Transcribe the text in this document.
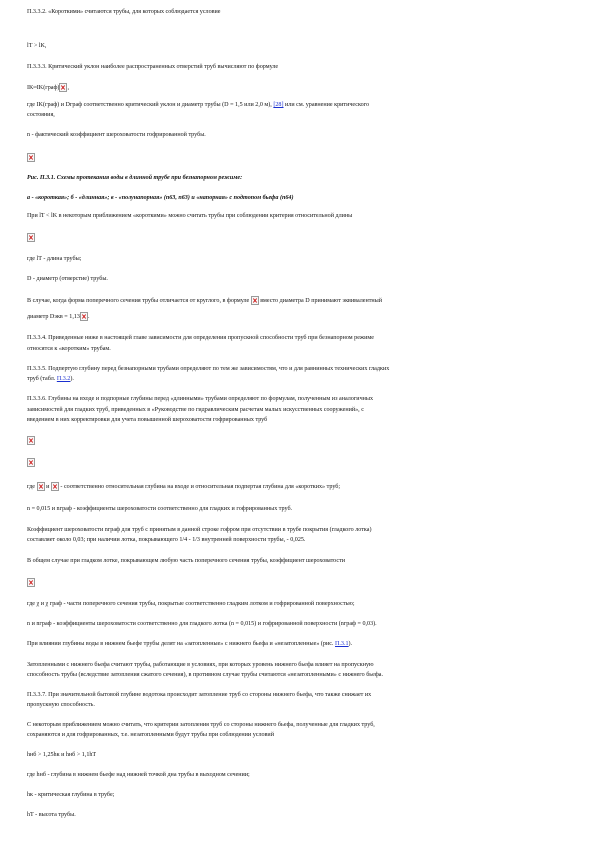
П.3.3.2. «Короткими» считаются трубы, для которых соблюдается условие
lT > lK,
П.3.3.3. Критический уклон наиболее распространенных отверстий труб вычисляют по формуле
IK≈IK(граф) ,
где IK(граф) и Dграф соответственно критический уклон и диаметр трубы (D = 1,5 или 2,0 м), [28] или см. уравнение критического
состояния,
n - фактический коэффициент шероховатости гофрированной трубы.
Рис. П.3.1. Схемы протекания воды в длинной трубе при безнапорном режиме:
а - «короткая»; б - «длинная»; в - «полунапорная» (п63, п63) и «напорная» с подтопом бьефа (п64)
При lT < lK в некоторым приближением «короткими» можно считать трубы при соблюдении критерия относительной длины
где lT - длина трубы;
D - диаметр (отверстие) трубы.
В случае, когда форма поперечного сечения трубы отличается от круглого, в формуле вместо диаметра D принимают эквивалентный
диаметр Dэкв = 1,13 .
П.3.3.4. Приведенные ниже в настоящей главе зависимости для определения пропускной способности труб при безнапорном режиме
относятся к «коротким» трубам.
П.3.3.5. Подпертую глубину перед безнапорными трубами определяют по тем же зависимостям, что и для равнинных технических гладких
труб (табл. П.3.2).
П.3.3.6. Глубины на входе и подпорные глубины перед «длинными» трубами определяют по формулам, полученным из аналогичных
зависимостей для гладких труб, приведенных в «Руководстве по гидравлическим расчетам малых искусственных сооружений», с
введением в них корректировки для учета повышенной шероховатости гофрированных труб
где и - соответственно относительная глубина на входе и относительная подпертая глубина для «коротких» труб;
n = 0,015 и nграф - коэффициенты шероховатости соответственно для гладких и гофрированных труб.
Коэффициент шероховатости nграф для труб с принятым в данной строке гофром при отсутствии в трубе покрытия (гладкого лотка)
составляет около 0,03; при наличии лотка, покрывающего 1/4 - 1/3 внутренней поверхности трубы, - 0,025.
В общем случае при гладком лотке, покрывающем любую часть поперечного сечения трубы, коэффициент шероховатости
где χ и χ граф - части поперечного сечения трубы, покрытые соответственно гладким лотком и гофрированной поверхностью;
n и nграф - коэффициенты шероховатости соответственно для гладкого лотка (n = 0,015) и гофрированной поверхности (nграф = 0,03).
При влиянии глубины воды в нижнем бьефе трубы делят на «затопленные» с нижнего бьефа и «незатопленные» (рис. П.3.1).
Затопленными с нижнего бьефа считают трубы, работающие в условиях, при которых уровень нижнего бьефа влияет на пропускную
способность трубы (вследствие затопления сжатого сечения), в противном случае трубы считаются «незатопленными» с нижнего бьефа.
П.3.3.7. При значительной бытовой глубине водотока происходит затопление труб со стороны нижнего бьефа, что также снижает их
пропускную способность.
С некоторым приближением можно считать, что критерии затопления труб со стороны нижнего бьефа, полученные для гладких труб,
сохраняются и для гофрированных, т.е. незатопленными будут трубы при соблюдении условий
hнб > 1,25hк и hнб > 1,1hT
где hнб - глубина в нижнем бьефе над нижней точкой дна трубы в выходном сечении;
hк - критическая глубина в трубе;
hT - высота трубы.
